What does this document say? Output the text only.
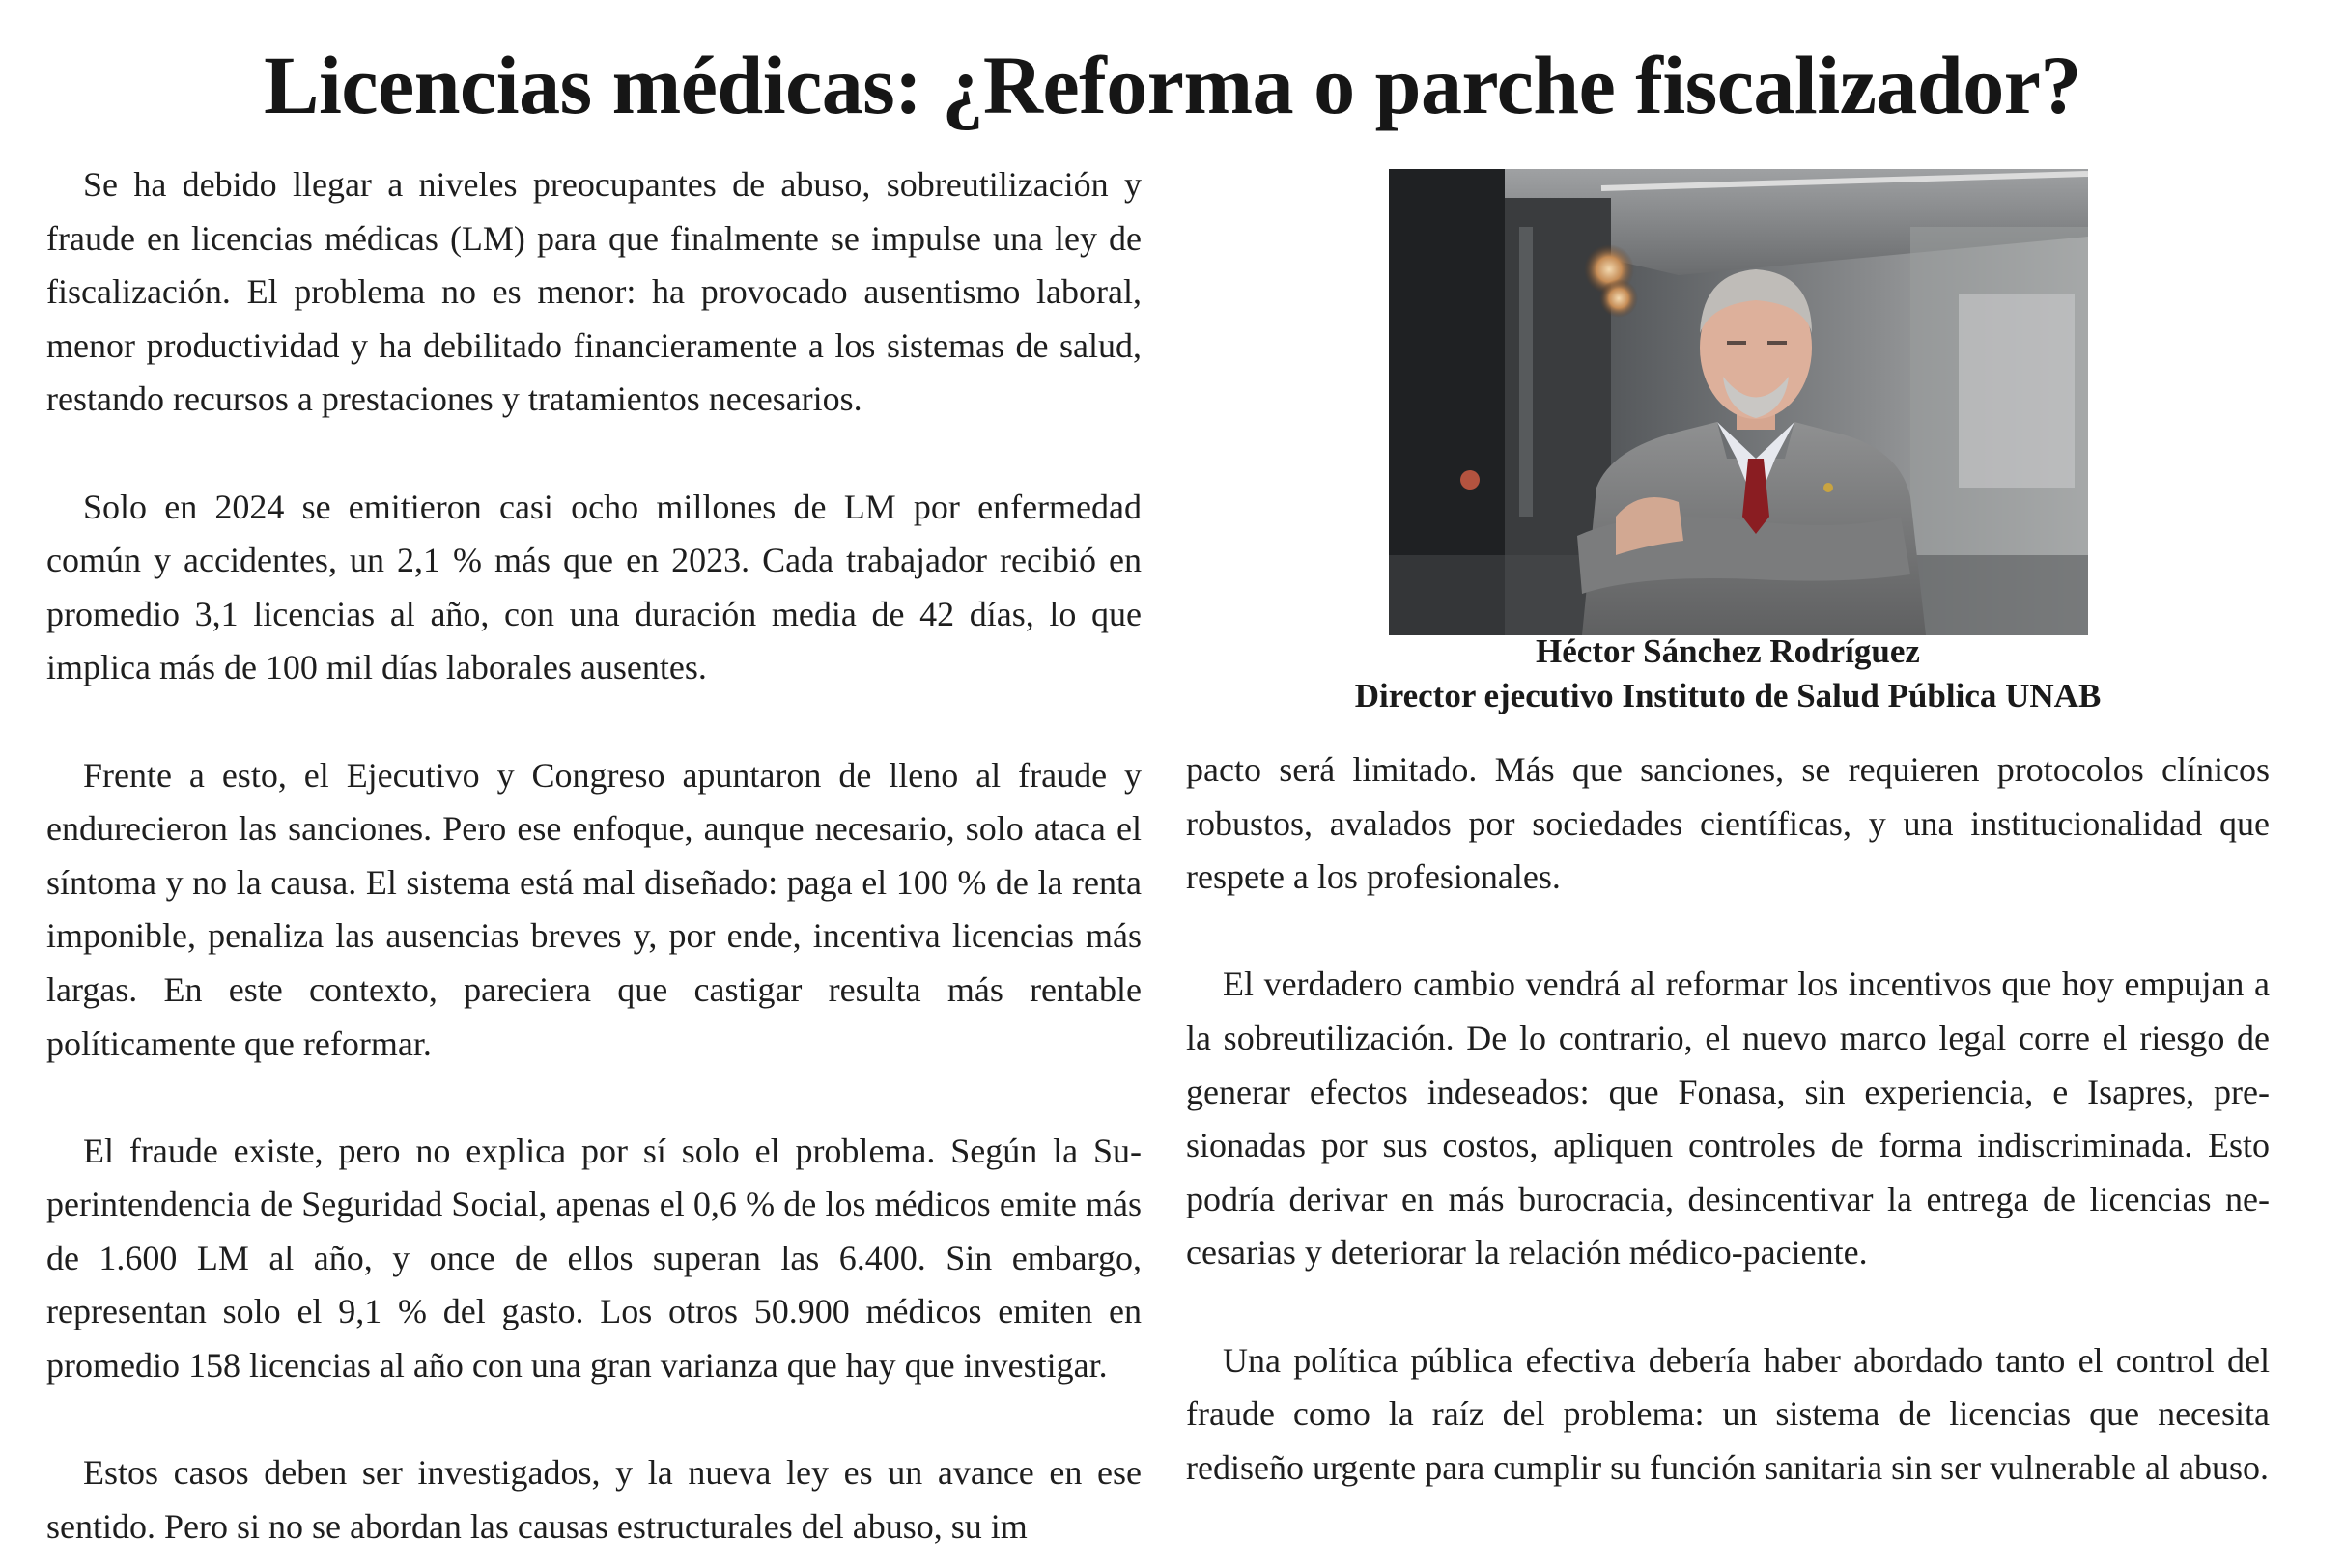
Licencias médicas: ¿Reforma o parche fiscalizador?

Se ha debido llegar a niveles preocupantes de abuso, sobreutilización y fraude en licencias médicas (LM) para que finalmente se impulse una ley de fiscalización. El problema no es menor: ha provocado ausentismo laboral, menor productividad y ha debilitado financieramente a los sistemas de salud, restando recursos a prestaciones y tratamientos necesarios.

Solo en 2024 se emitieron casi ocho millones de LM por enfermedad común y accidentes, un 2,1 % más que en 2023. Cada trabajador recibió en promedio 3,1 licencias al año, con una duración media de 42 días, lo que implica más de 100 mil días laborales ausentes.

Frente a esto, el Ejecutivo y Congreso apuntaron de lleno al fraude y endurecieron las sanciones. Pero ese enfoque, aunque necesario, solo ataca el síntoma y no la causa. El sistema está mal diseñado: paga el 100 % de la renta imponible, penaliza las ausencias breves y, por ende, incentiva licencias más largas. En este contexto, pareciera que castigar resulta más rentable políticamente que reformar.

El fraude existe, pero no explica por sí solo el problema. Según la Superintendencia de Seguridad Social, apenas el 0,6 % de los médicos emite más de 1.600 LM al año, y once de ellos superan las 6.400. Sin embargo, representan solo el 9,1 % del gasto. Los otros 50.900 médicos emiten en promedio 158 licencias al año con una gran varianza que hay que investigar.

Estos casos deben ser investigados, y la nueva ley es un avance en ese sentido. Pero si no se abordan las causas estructurales del abuso, su im

Héctor Sánchez Rodríguez
Director ejecutivo Instituto de Salud Pública UNAB

pacto será limitado. Más que sanciones, se requieren protocolos clínicos robustos, avalados por sociedades científicas, y una institucionalidad que respete a los profesionales.

El verdadero cambio vendrá al reformar los incentivos que hoy empujan a la sobreutilización. De lo contrario, el nuevo marco legal corre el riesgo de generar efectos indeseados: que Fonasa, sin experiencia, e Isapres, presionadas por sus costos, apliquen controles de forma indiscriminada. Esto podría derivar en más burocracia, desincentivar la entrega de licencias necesarias y deteriorar la relación médico-paciente.

Una política pública efectiva debería haber abordado tanto el control del fraude como la raíz del problema: un sistema de licencias que necesita rediseño urgente para cumplir su función sanitaria sin ser vulnerable al abuso.
